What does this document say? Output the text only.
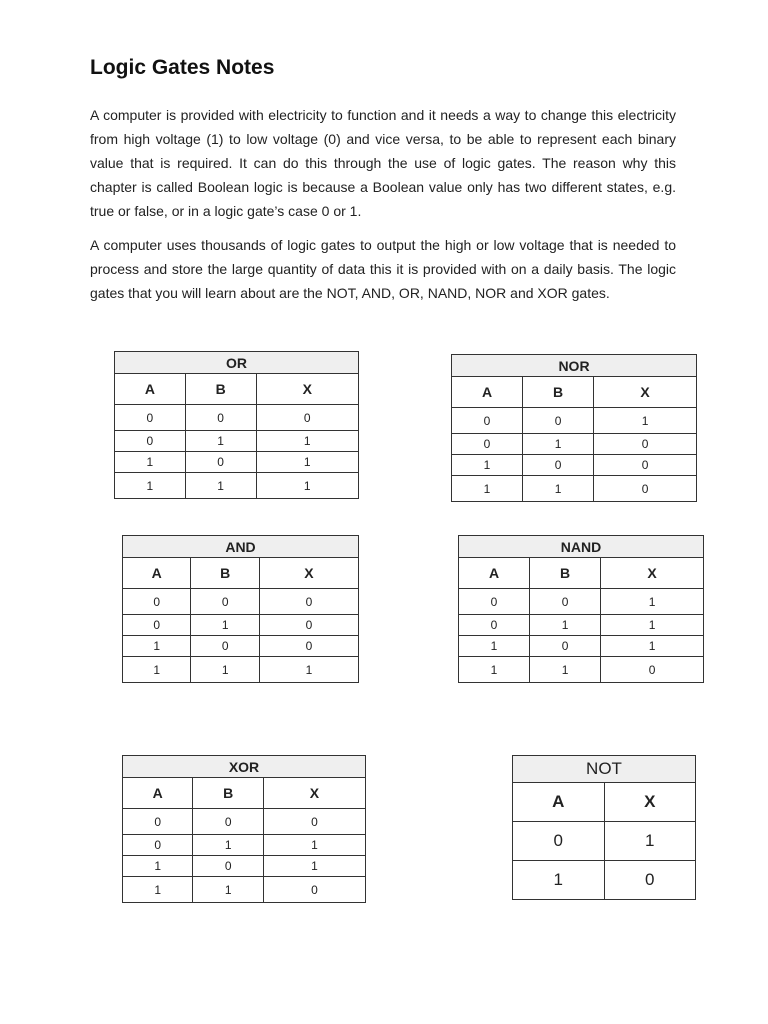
Logic Gates Notes

A computer is provided with electricity to function and it needs a way to change this electricity from high voltage (1) to low voltage (0) and vice versa, to be able to represent each binary value that is required. It can do this through the use of logic gates. The reason why this chapter is called Boolean logic is because a Boolean value only has two different states, e.g. true or false, or in a logic gate’s case 0 or 1.

A computer uses thousands of logic gates to output the high or low voltage that is needed to process and store the large quantity of data this it is provided with on a daily basis. The logic gates that you will learn about are the NOT, AND, OR, NAND, NOR and XOR gates.

OR		
A	B	X
0	0	0
0	1	1
1	0	1
1	1	1
NOR		
A	B	X
0	0	1
0	1	0
1	0	0
1	1	0
AND		
A	B	X
0	0	0
0	1	0
1	0	0
1	1	1
NAND		
A	B	X
0	0	1
0	1	1
1	0	1
1	1	0
XOR		
A	B	X
0	0	0
0	1	1
1	0	1
1	1	0
NOT	
A	X
0	1
1	0
